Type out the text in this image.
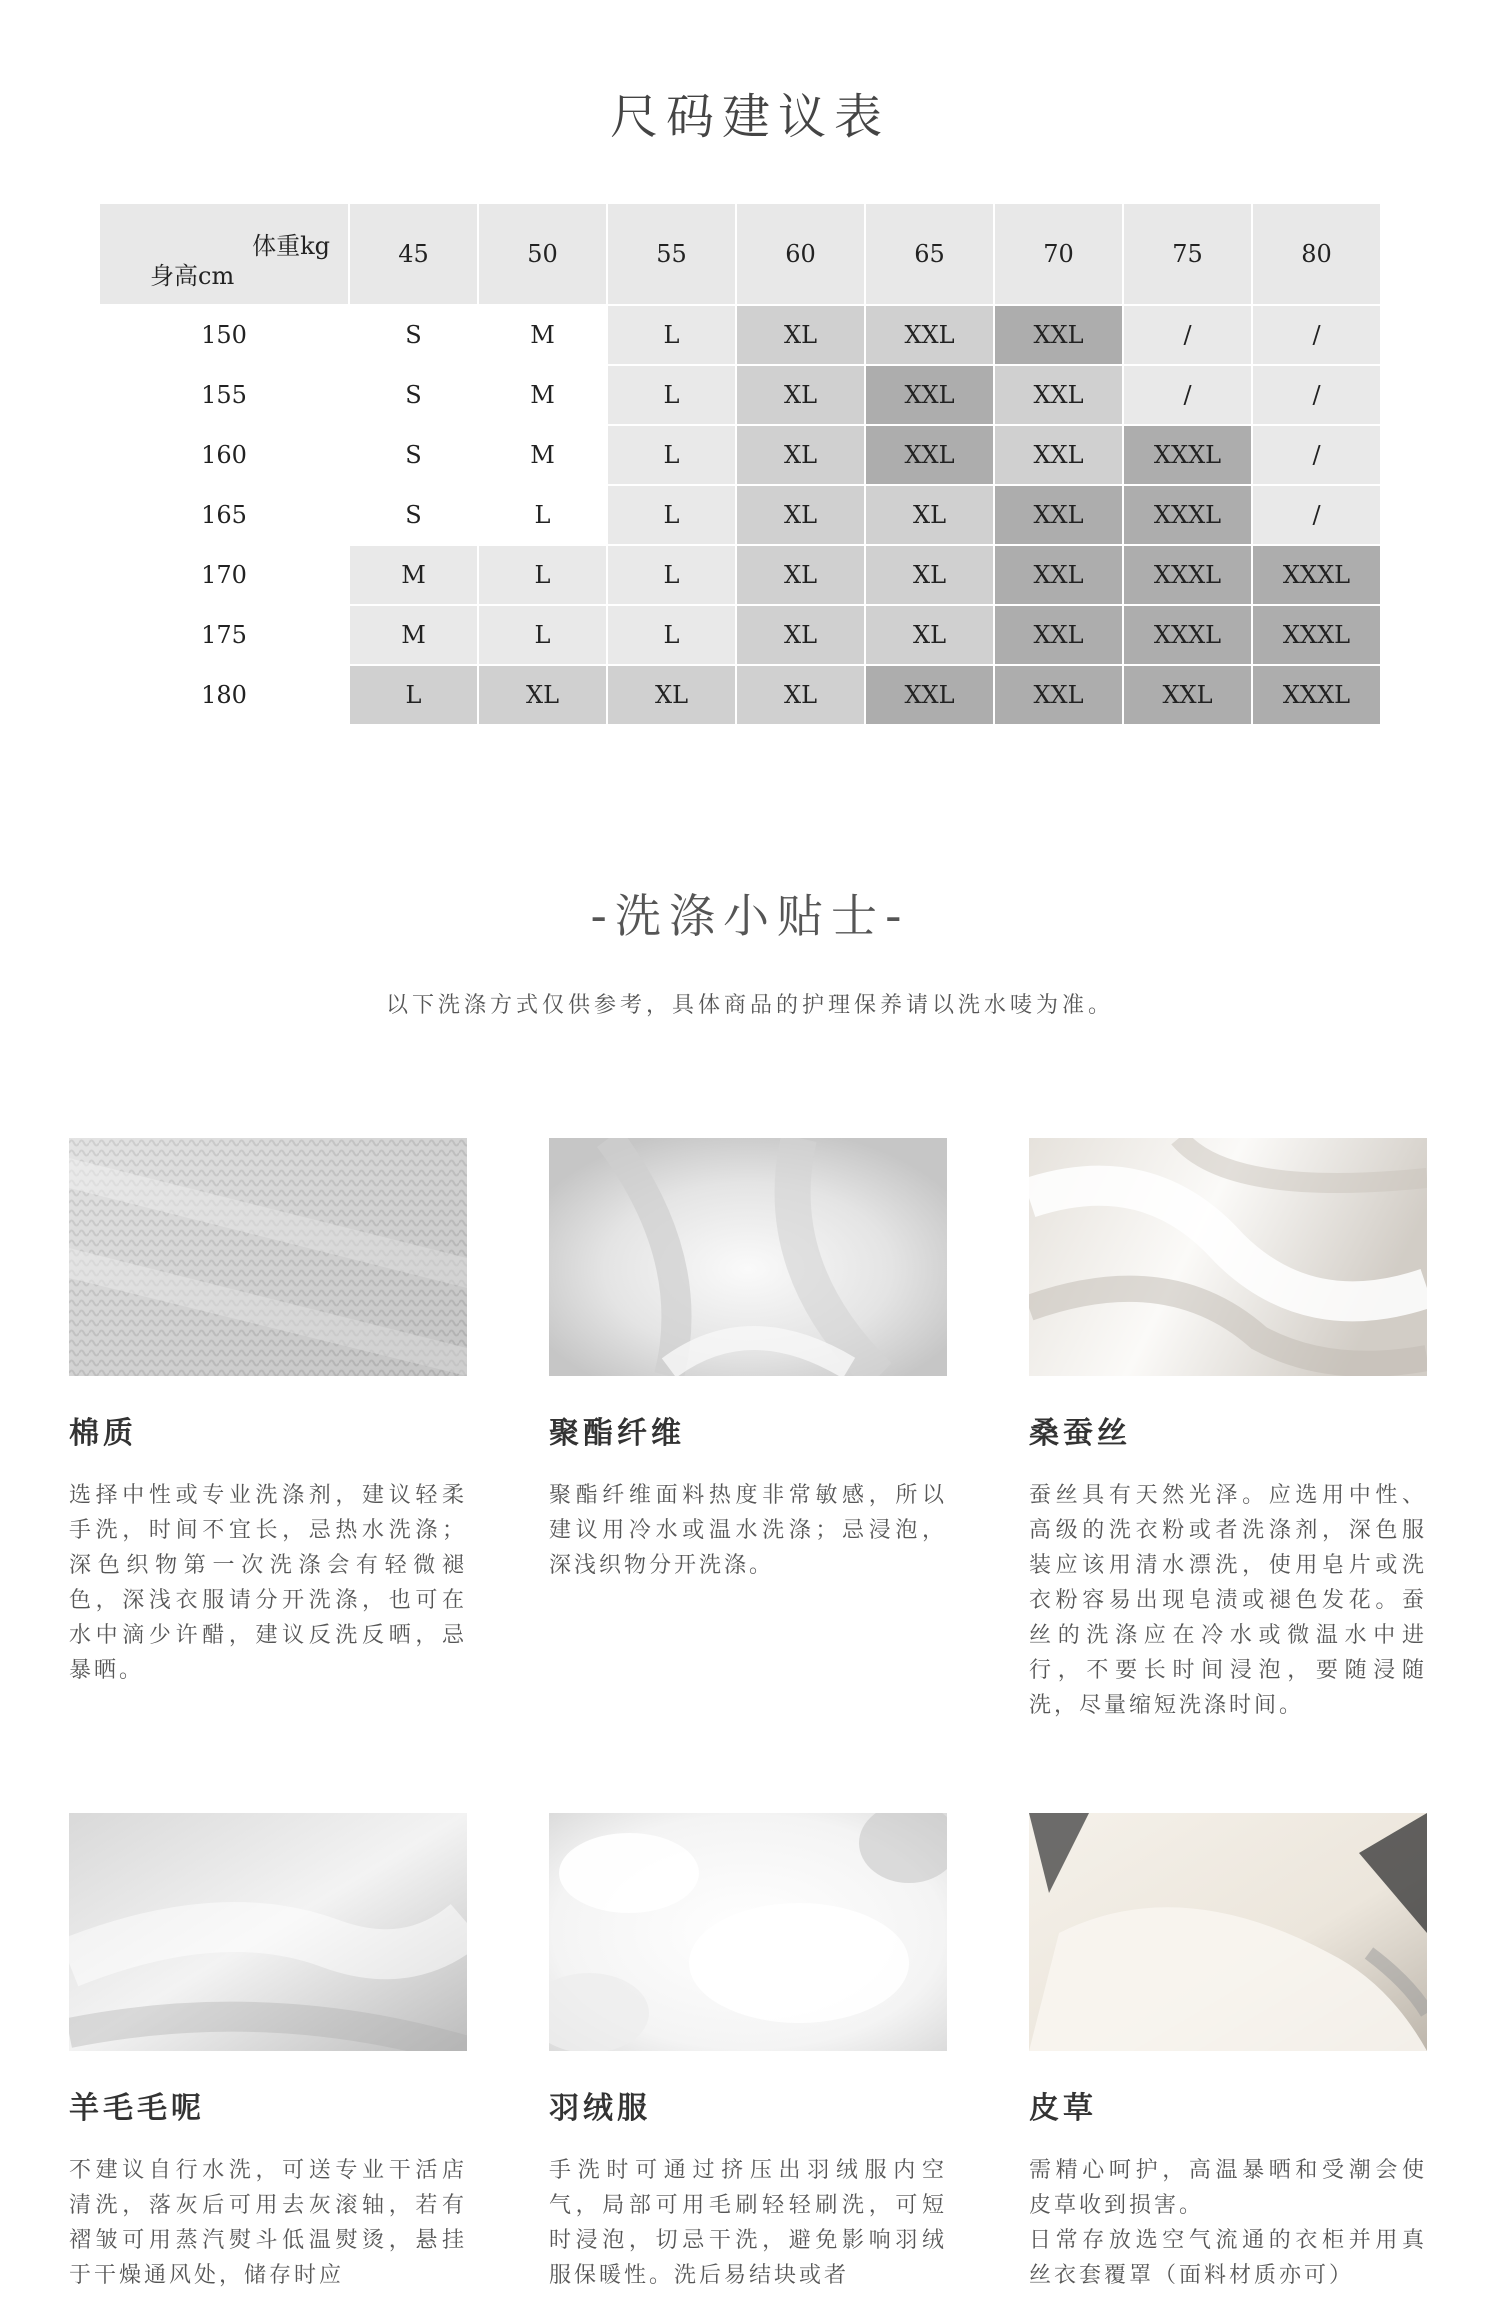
尺码建议表
体重kg
身高cm	45	50	55	60	65	70	75	80
150	S	M	L	XL	XXL	XXL	/	/
155	S	M	L	XL	XXL	XXL	/	/
160	S	M	L	XL	XXL	XXL	XXXL	/
165	S	L	L	XL	XL	XXL	XXXL	/
170	M	L	L	XL	XL	XXL	XXXL	XXXL
175	M	L	L	XL	XL	XXL	XXXL	XXXL
180	L	XL	XL	XL	XXL	XXL	XXL	XXXL
-洗涤小贴士-
以下洗涤方式仅供参考，具体商品的护理保养请以洗水唛为准。
棉质
选择中性或专业洗涤剂，建议轻柔手洗，时间不宜长，忌热水洗涤；深色织物第一次洗涤会有轻微褪色，深浅衣服请分开洗涤，也可在水中滴少许醋，建议反洗反晒，忌暴晒。
聚酯纤维
聚酯纤维面料热度非常敏感，所以建议用冷水或温水洗涤；忌浸泡，深浅织物分开洗涤。
桑蚕丝
蚕丝具有天然光泽。应选用中性、高级的洗衣粉或者洗涤剂，深色服装应该用清水漂洗，使用皂片或洗衣粉容易出现皂渍或褪色发花。蚕丝的洗涤应在冷水或微温水中进行，不要长时间浸泡，要随浸随洗，尽量缩短洗涤时间。
羊毛毛呢
不建议自行水洗，可送专业干活店清洗，落灰后可用去灰滚轴，若有褶皱可用蒸汽熨斗低温熨烫，悬挂于干燥通风处，储存时应
羽绒服
手洗时可通过挤压出羽绒服内空气，局部可用毛刷轻轻刷洗，可短时浸泡，切忌干洗，避免影响羽绒服保暖性。洗后易结块或者
皮草
需精心呵护，高温暴晒和受潮会使皮草收到损害。
日常存放选空气流通的衣柜并用真丝衣套覆罩（面料材质亦可）
